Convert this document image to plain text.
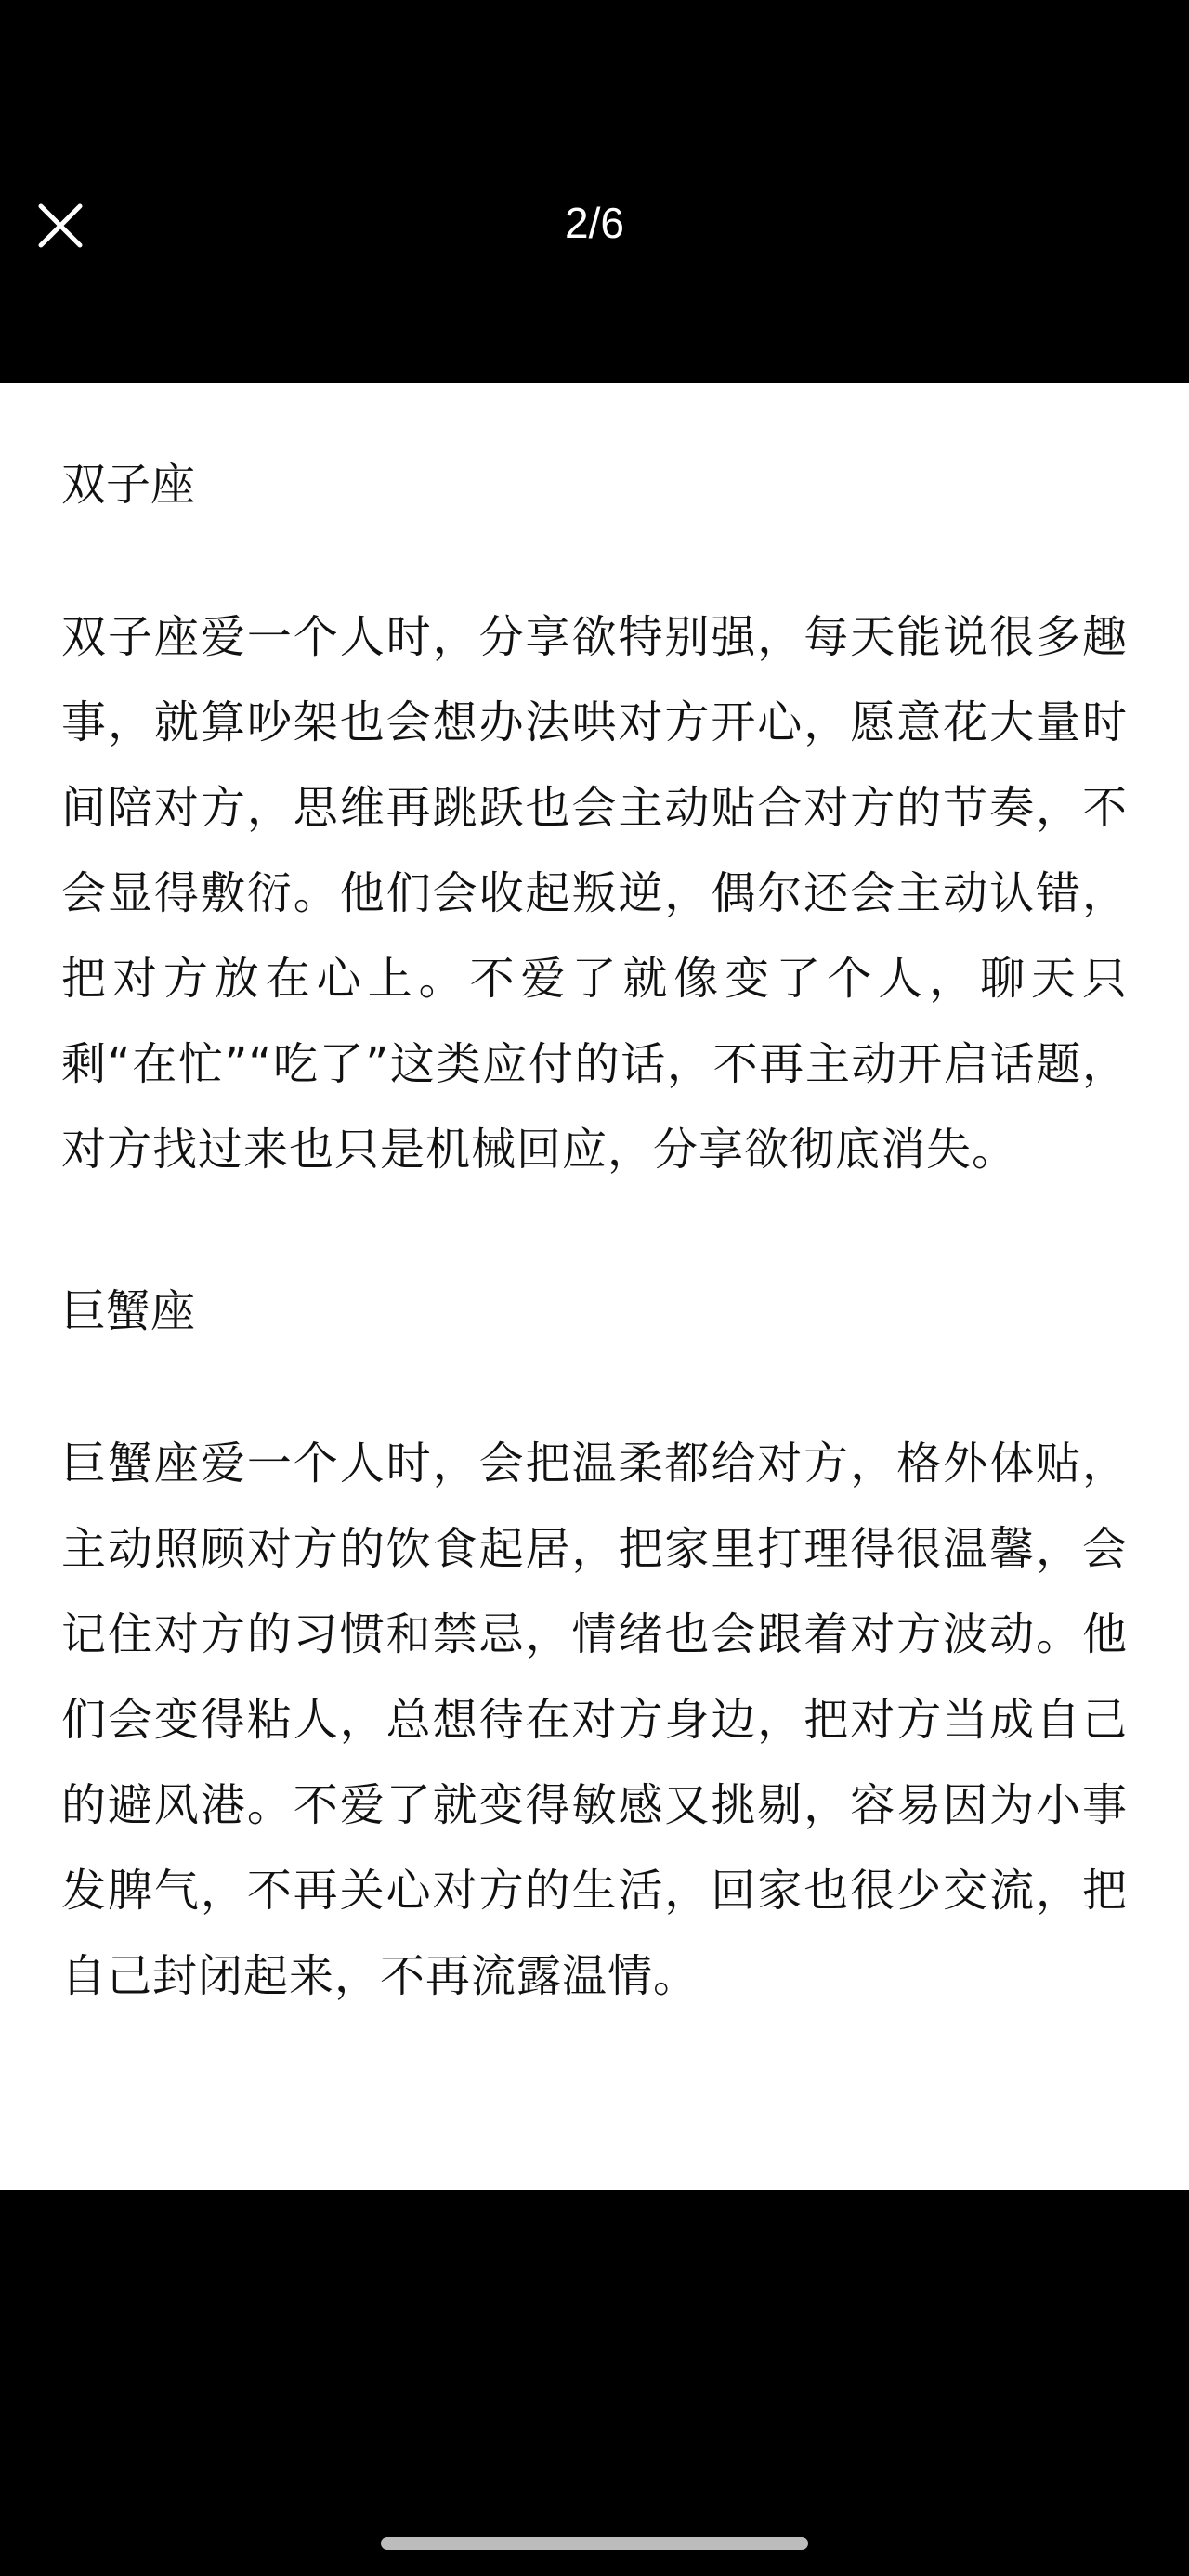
2/6
双子座

双子座爱一个人时，分享欲特别强，每天能说很多趣事，就算吵架也会想办法哄对方开心，愿意花大量时间陪对方，思维再跳跃也会主动贴合对方的节奏，不会显得敷衍。他们会收起叛逆，偶尔还会主动认错，把对方放在心上。不爱了就像变了个人，聊天只剩“在忙”“吃了”这类应付的话，不再主动开启话题，对方找过来也只是机械回应，分享欲彻底消失。

巨蟹座

巨蟹座爱一个人时，会把温柔都给对方，格外体贴，主动照顾对方的饮食起居，把家里打理得很温馨，会记住对方的习惯和禁忌，情绪也会跟着对方波动。他们会变得粘人，总想待在对方身边，把对方当成自己的避风港。不爱了就变得敏感又挑剔，容易因为小事发脾气，不再关心对方的生活，回家也很少交流，把自己封闭起来，不再流露温情。
